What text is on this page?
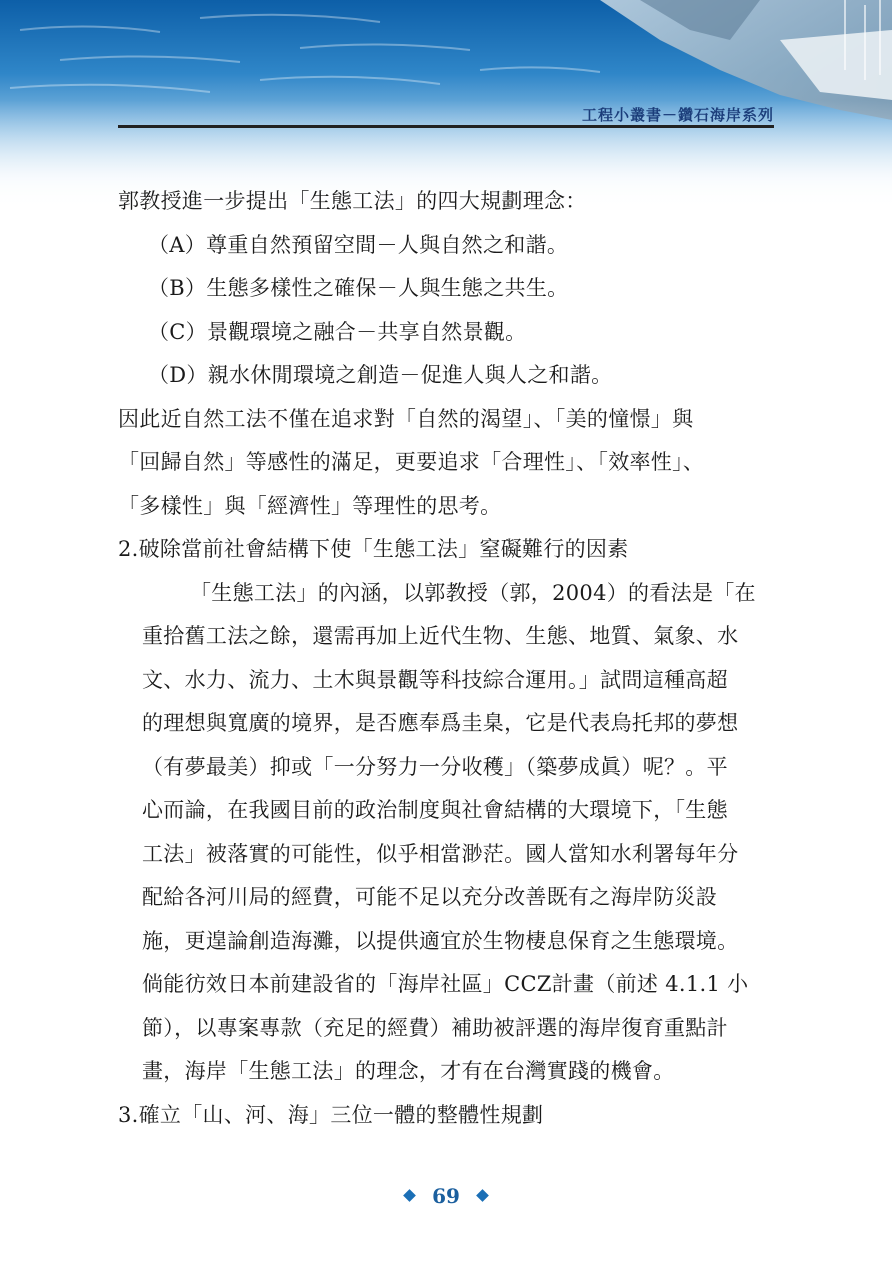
工程小叢書－鑽石海岸系列
郭教授進一步提出「生態工法」的四大規劃理念：
（A）尊重自然預留空間－人與自然之和諧。
（B）生態多樣性之確保－人與生態之共生。
（C）景觀環境之融合－共享自然景觀。
（D）親水休閒環境之創造－促進人與人之和諧。
因此近自然工法不僅在追求對「自然的渴望」、「美的憧憬」與
「回歸自然」等感性的滿足，更要追求「合理性」、「效率性」、
「多樣性」與「經濟性」等理性的思考。
2.破除當前社會結構下使「生態工法」窒礙難行的因素
「生態工法」的內涵，以郭教授（郭，2004）的看法是「在
重拾舊工法之餘，還需再加上近代生物、生態、地質、氣象、水
文、水力、流力、土木與景觀等科技綜合運用。」試問這種高超
的理想與寬廣的境界，是否應奉爲圭臬，它是代表烏托邦的夢想
（有夢最美）抑或「一分努力一分收穫」（築夢成眞）呢？。平
心而論，在我國目前的政治制度與社會結構的大環境下，「生態
工法」被落實的可能性，似乎相當渺茫。國人當知水利署每年分
配給各河川局的經費，可能不足以充分改善既有之海岸防災設
施，更遑論創造海灘，以提供適宜於生物棲息保育之生態環境。
倘能彷效日本前建設省的「海岸社區」CCZ計畫（前述 4.1.1 小
節），以專案專款（充足的經費）補助被評選的海岸復育重點計
畫，海岸「生態工法」的理念，才有在台灣實踐的機會。
3.確立「山、河、海」三位一體的整體性規劃
69
